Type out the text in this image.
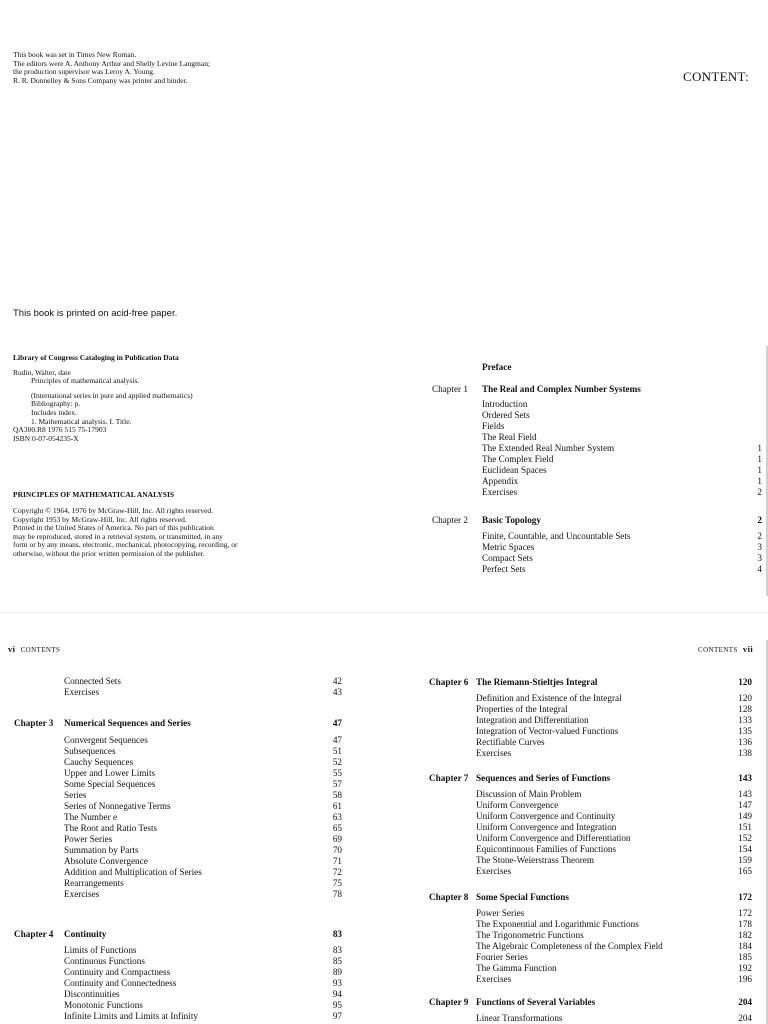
This book was set in Times New Roman.
The editors were A. Anthony Arthur and Shelly Levine Langman;
the production supervisor was Leroy A. Young.
R. R. Donnelley & Sons Company was printer and binder.	CONTENT:
This book is printed on acid-free paper.
Library of Congress Cataloging in Publication Data
Rudin, Walter, date
Principles of mathematical analysis.
(International series in pure and applied mathematics)
Bibliography: p.
Includes index.
1. Mathematical analysis. I. Title.
QA300.R8 1976 515 75-17903
ISBN 0-07-054235-X
PRINCIPLES OF MATHEMATICAL ANALYSIS
Copyright © 1964, 1976 by McGraw-Hill, Inc. All rights reserved.
Copyright 1953 by McGraw-Hill, Inc. All rights reserved.
Printed in the United States of America. No part of this publication
may be reproduced, stored in a retrieval system, or transmitted, in any
form or by any means, electronic, mechanical, photocopying, recording, or
otherwise, without the prior written permission of the publisher.
Preface
Chapter 1 The Real and Complex Number Systems
Introduction
Ordered Sets
Fields
The Real Field
The Extended Real Number System	1
The Complex Field	1
Euclidean Spaces	1
Appendix	1
Exercises	2
Chapter 2 Basic Topology	2
Finite, Countable, and Uncountable Sets	2
Metric Spaces	3
Compact Sets	3
Perfect Sets	4
vi CONTENTS
Connected Sets	42
Exercises	43
Chapter 3 Numerical Sequences and Series	47
Convergent Sequences	47
Subsequences	51
Cauchy Sequences	52
Upper and Lower Limits	55
Some Special Sequences	57
Series	58
Series of Nonnegative Terms	61
The Number e	63
The Root and Ratio Tests	65
Power Series	69
Summation by Parts	70
Absolute Convergence	71
Addition and Multiplication of Series	72
Rearrangements	75
Exercises	78
Chapter 4 Continuity	83
Limits of Functions	83
Continuous Functions	85
Continuity and Compactness	89
Continuity and Connectedness	93
Discontinuities	94
Monotonic Functions	95
Infinite Limits and Limits at Infinity	97
CONTENTS vii
Chapter 6 The Riemann-Stieltjes Integral	120
Definition and Existence of the Integral	120
Properties of the Integral	128
Integration and Differentiation	133
Integration of Vector-valued Functions	135
Rectifiable Curves	136
Exercises	138
Chapter 7 Sequences and Series of Functions	143
Discussion of Main Problem	143
Uniform Convergence	147
Uniform Convergence and Continuity	149
Uniform Convergence and Integration	151
Uniform Convergence and Differentiation	152
Equicontinuous Families of Functions	154
The Stone-Weierstrass Theorem	159
Exercises	165
Chapter 8 Some Special Functions	172
Power Series	172
The Exponential and Logarithmic Functions	178
The Trigonometric Functions	182
The Algebraic Completeness of the Complex Field	184
Fourier Series	185
The Gamma Function	192
Exercises	196
Chapter 9 Functions of Several Variables	204
Linear Transformations	204
